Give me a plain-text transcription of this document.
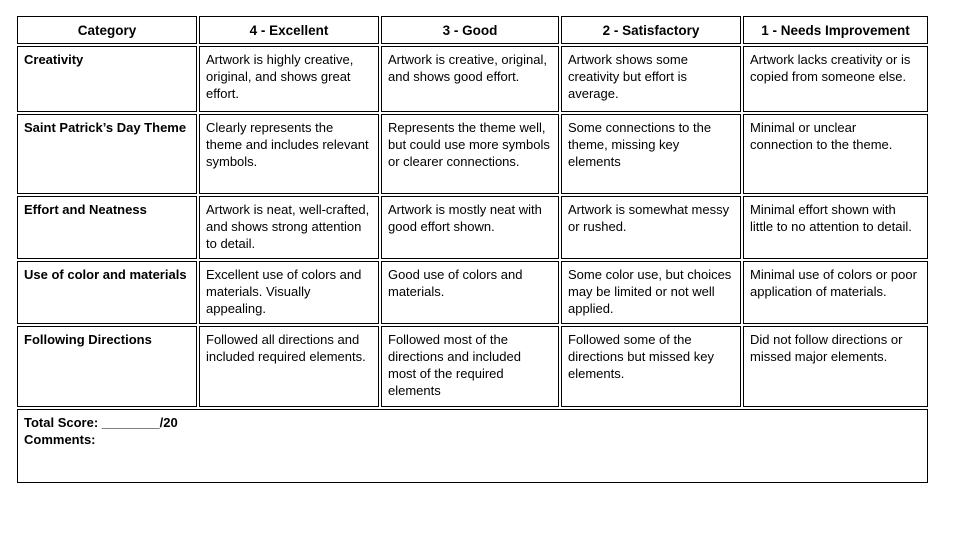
Category	4 - Excellent	3 - Good	2 - Satisfactory	1 - Needs Improvement
Creativity	Artwork is highly creative, original, and shows great effort.	Artwork is creative, original, and shows good effort.	Artwork shows some creativity but effort is average.	Artwork lacks creativity or is copied from someone else.
Saint Patrick’s Day Theme	Clearly represents the theme and includes relevant symbols.	Represents the theme well, but could use more symbols or clearer connections.	Some connections to the theme, missing key elements	Minimal or unclear connection to the theme.
Effort and Neatness	Artwork is neat, well-crafted, and shows strong attention to detail.	Artwork is mostly neat with good effort shown.	Artwork is somewhat messy or rushed.	Minimal effort shown with little to no attention to detail.
Use of color and materials	Excellent use of colors and materials. Visually appealing.	Good use of colors and materials.	Some color use, but choices may be limited or not well applied.	Minimal use of colors or poor application of materials.
Following Directions	Followed all directions and included required elements.	Followed most of the directions and included most of the required elements	Followed some of the directions but missed key elements.	Did not follow directions or missed major elements.

Total Score: ________/20

Comments:				
